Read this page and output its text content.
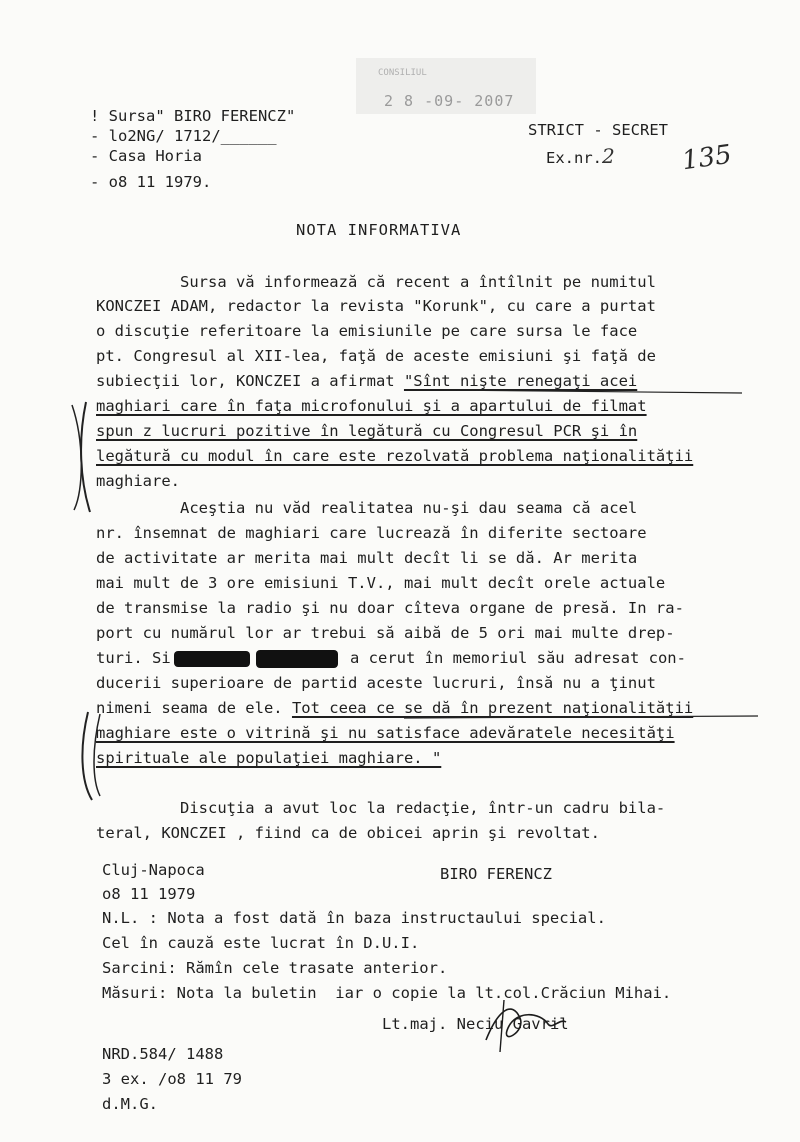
CONSILIUL
2 8 -09- 2007
! Sursa" BIRO FERENCZ"
- lo2NG/ 1712/______
- Casa Horia
- o8 11 1979.
STRICT - SECRET
Ex.nr.2	135
NOTA INFORMATIVA
Sursa vă informează că recent a întîlnit pe numitul
KONCZEI ADAM, redactor la revista "Korunk", cu care a purtat
o discuţie referitoare la emisiunile pe care sursa le face
pt. Congresul al XII-lea, faţă de aceste emisiuni şi faţă de
subiecţii lor, KONCZEI a afirmat "Sînt nişte renegaţi acei
maghiari care în faţa microfonului şi a apartului de filmat
spun z lucruri pozitive în legătură cu Congresul PCR şi în
legătură cu modul în care este rezolvată problema naţionalităţii
maghiare.
Aceştia nu văd realitatea nu-şi dau seama că acel
nr. însemnat de maghiari care lucrează în diferite sectoare
de activitate ar merita mai mult decît li se dă. Ar merita
mai mult de 3 ore emisiuni T.V., mai mult decît orele actuale
de transmise la radio şi nu doar cîteva organe de presă. In ra-
port cu numărul lor ar trebui să aibă de 5 ori mai multe drep-
turi. Si	a cerut în memoriul său adresat con-
ducerii superioare de partid aceste lucruri, însă nu a ţinut
nimeni seama de ele. Tot ceea ce se dă în prezent naţionalităţii
maghiare este o vitrină şi nu satisface adevăratele necesităţi
spirituale ale populaţiei maghiare. "
Discuţia a avut loc la redacţie, într-un cadru bila-
teral, KONCZEI , fiind ca de obicei aprin şi revoltat.
Cluj-Napoca	BIRO FERENCZ
o8 11 1979
N.L. : Nota a fost dată în baza instructaului special.
Cel în cauză este lucrat în D.U.I.
Sarcini: Rămîn cele trasate anterior.
Măsuri: Nota la buletin  iar o copie la lt.col.Crăciun Mihai.
Lt.maj. Neciu Gavril
NRD.584/ 1488
3 ex. /o8 11 79
d.M.G.
